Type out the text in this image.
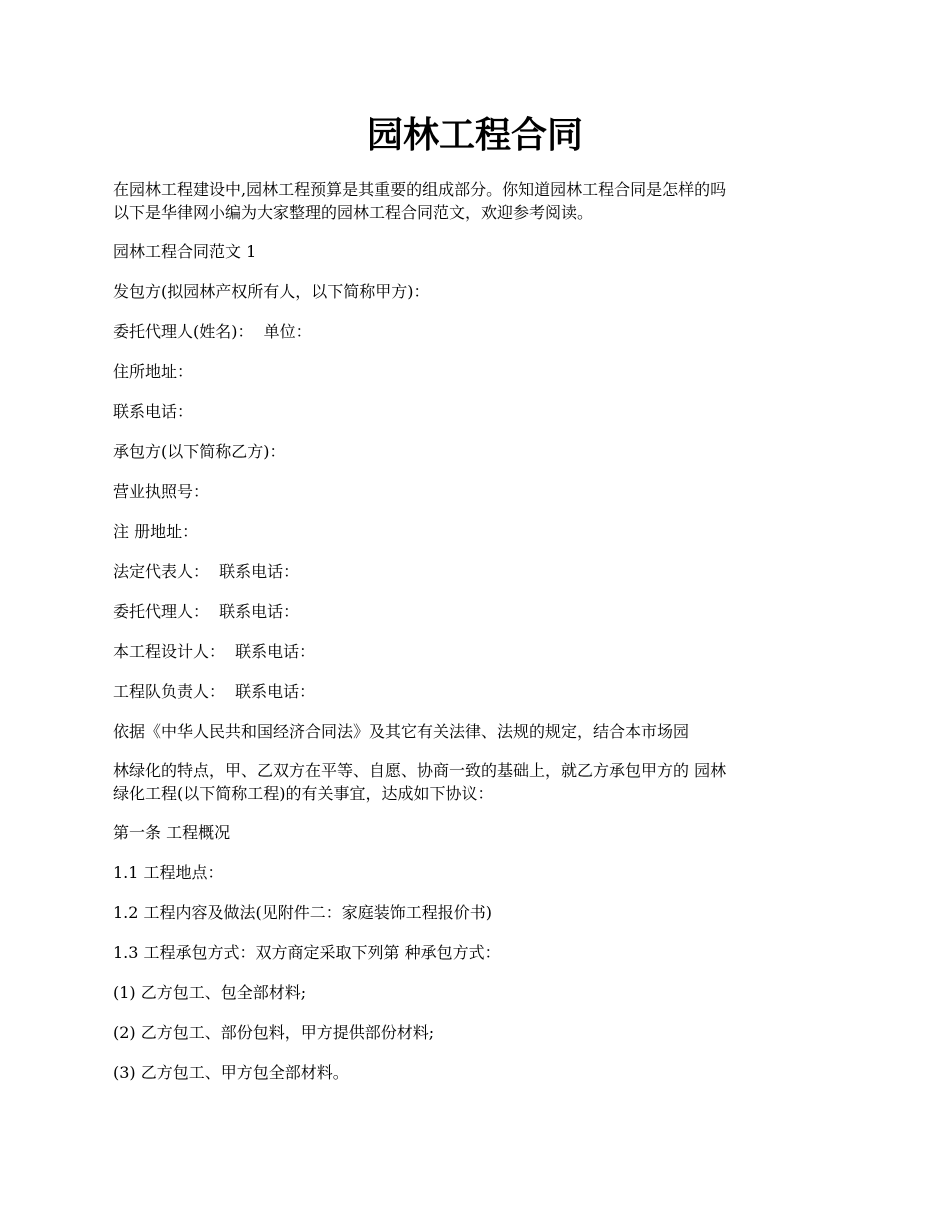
园林工程合同

在园林工程建设中,园林工程预算是其重要的组成部分。你知道园林工程合同是怎样的吗
以下是华律网小编为大家整理的园林工程合同范文，欢迎参考阅读。

园林工程合同范文 1

发包方(拟园林产权所有人，以下简称甲方)：

委托代理人(姓名)：  单位：

住所地址：

联系电话：

承包方(以下简称乙方)：

营业执照号：

注 册地址：

法定代表人：  联系电话：

委托代理人：  联系电话：

本工程设计人：  联系电话：

工程队负责人：  联系电话：

依据《中华人民共和国经济合同法》及其它有关法律、法规的规定，结合本市场园

林绿化的特点，甲、乙双方在平等、自愿、协商一致的基础上，就乙方承包甲方的 园林
绿化工程(以下简称工程)的有关事宜，达成如下协议：

第一条 工程概况

1.1 工程地点：

1.2 工程内容及做法(见附件二：家庭装饰工程报价书)

1.3 工程承包方式：双方商定采取下列第 种承包方式：

(1) 乙方包工、包全部材料;

(2) 乙方包工、部份包料，甲方提供部份材料;

(3) 乙方包工、甲方包全部材料。
